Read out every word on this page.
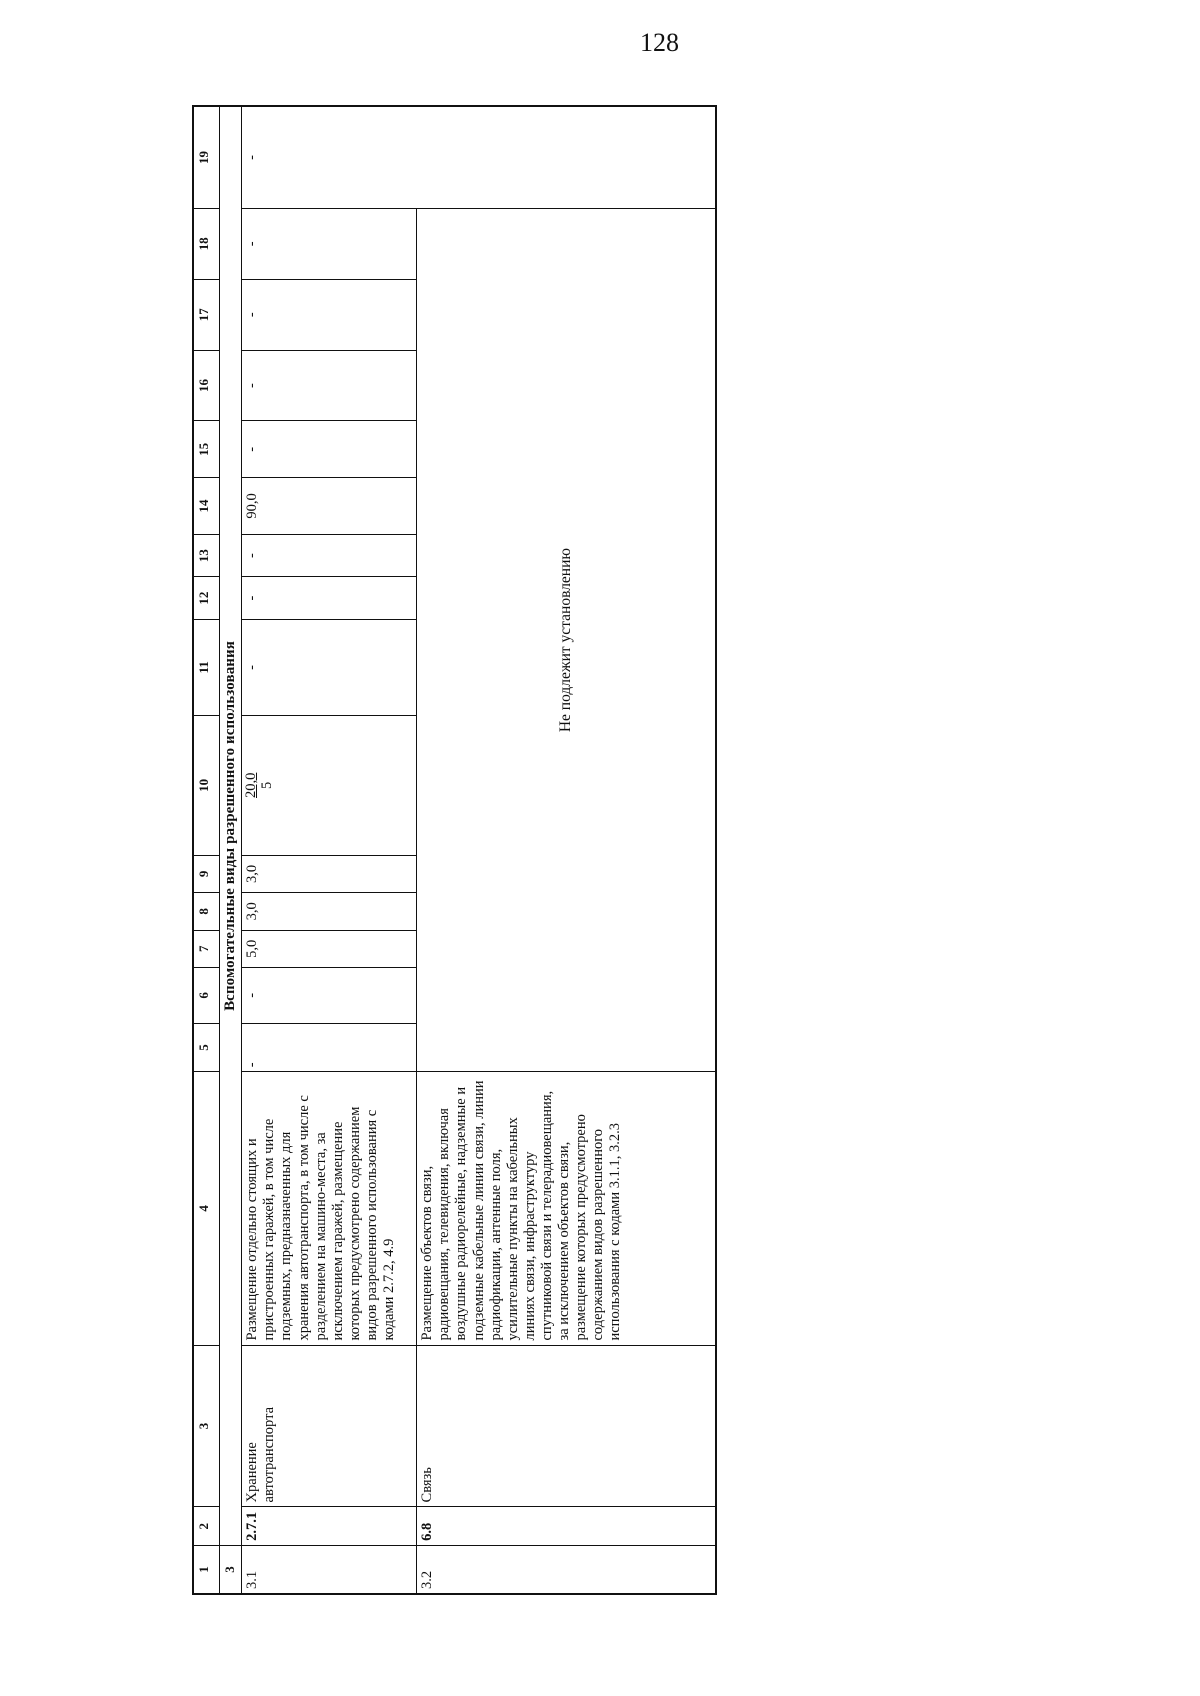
128
1	2	3	4	5	6	7	8	9	10	11	12	13	14	15	16	17	18	19
3	Вспомогательные виды разрешенного использования																	
3.1	2.7.1	Хранение автотранспорта	Размещение отдельно стоящих и пристроенных гаражей, в том числе подземных, предназначенных для хранения автотранспорта, в том числе с разделением на машино-места, за исключением гаражей, размещение которых предусмотрено содержанием видов разрешенного использования с кодами 2.7.2, 4.9	-	-	5,0	3,0	3,0	20,0 5	-	-	-	90,0	-	-	-	-	-
3.2	6.8	Связь	Размещение объектов связи, радиовещания, телевидения, включая воздушные радиорелейные, надземные и подземные кабельные линии связи, линии радиофикации, антенные поля, усилительные пункты на кабельных линиях связи, инфраструктуру спутниковой связи и телерадиовещания, за исключением объектов связи, размещение которых предусмотрено содержанием видов разрешенного использования с кодами 3.1.1, 3.2.3	Не подлежит установлению														
